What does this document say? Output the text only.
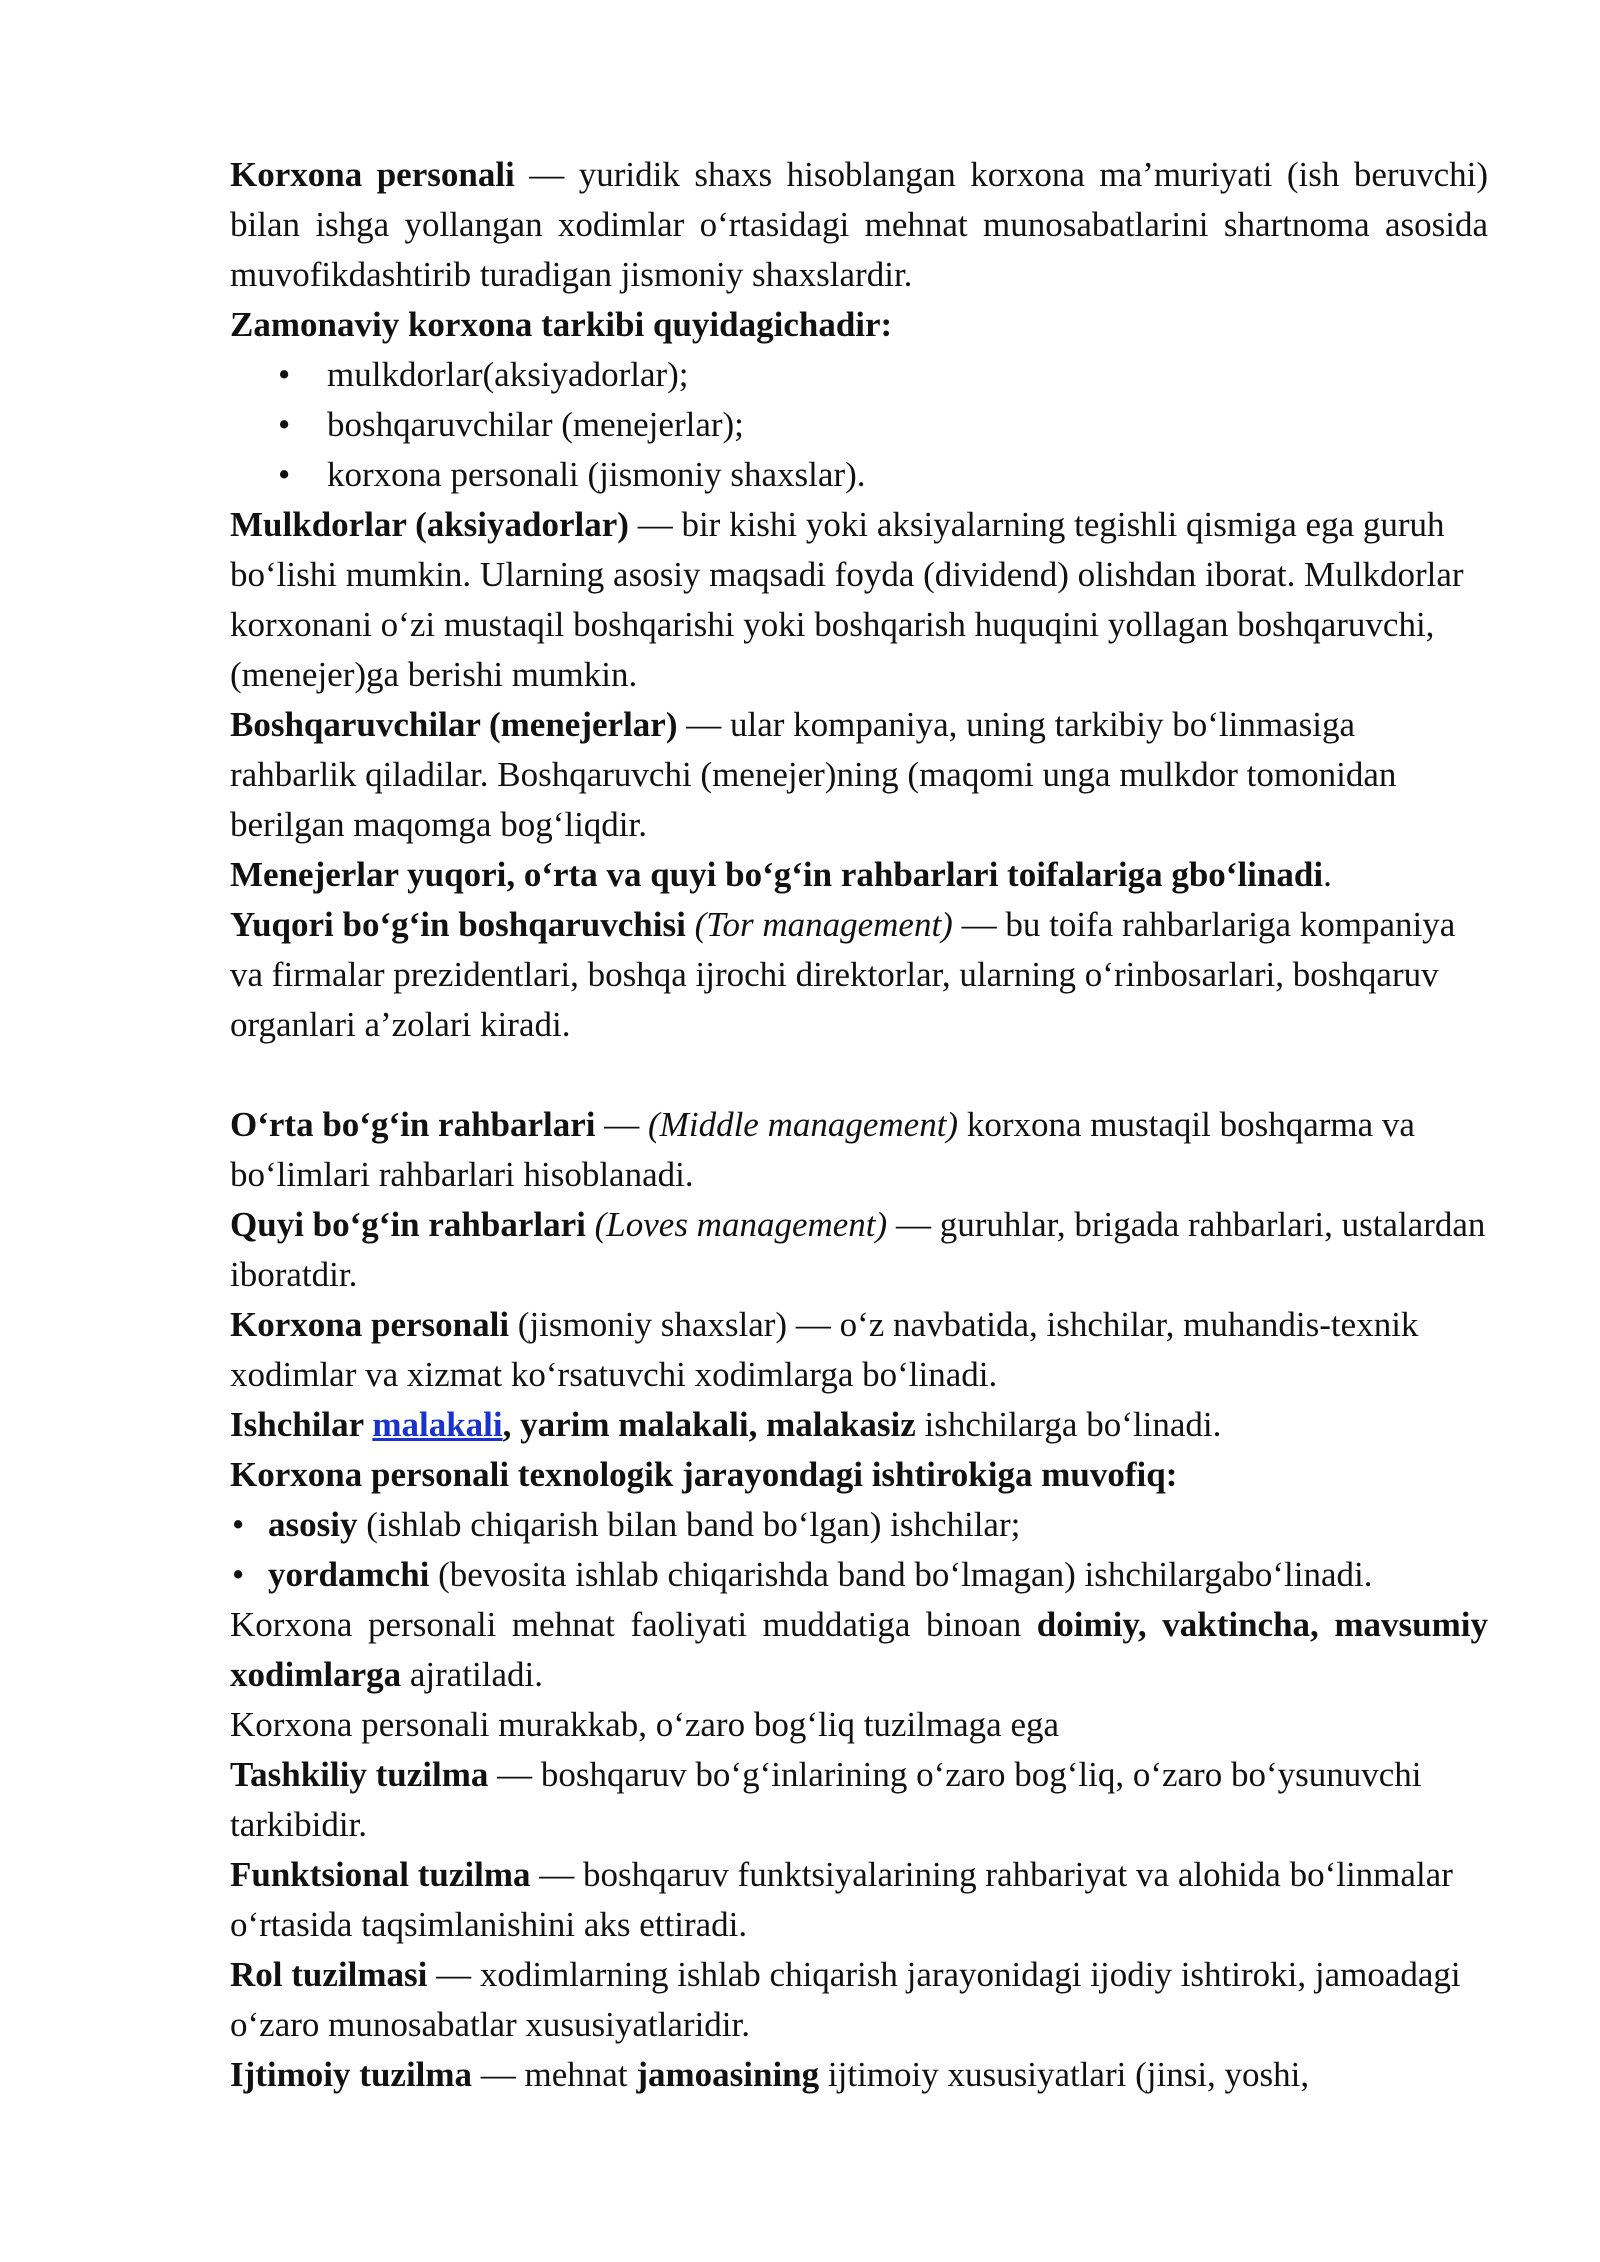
Korxona personali — yuridik shaxs hisoblangan korxona ma’muriyati (ish beruvchi) bilan ishga yollangan xodimlar oʻrtasidagi mehnat munosabatlarini shartnoma asosida muvofikdashtirib turadigan jismoniy shaxslardir.

Zamonaviy korxona tarkibi quyidagichadir:

• mulkdorlar(aksiyadorlar);
• boshqaruvchilar (menejerlar);
• korxona personali (jismoniy shaxslar).

Mulkdorlar (aksiyadorlar) — bir kishi yoki aksiyalarning tegishli qismiga ega guruh boʻlishi mumkin. Ularning asosiy maqsadi foyda (dividend) olishdan iborat. Mulkdorlar korxonani oʻzi mustaqil boshqarishi yoki boshqarish huquqini yollagan boshqaruvchi, (menejer)ga berishi mumkin.

Boshqaruvchilar (menejerlar) — ular kompaniya, uning tarkibiy boʻlinmasiga rahbarlik qiladilar. Boshqaruvchi (menejer)ning (maqomi unga mulkdor tomonidan berilgan maqomga bogʻliqdir.

Menejerlar yuqori, oʻrta va quyi boʻgʻin rahbarlari toifalariga gboʻlinadi.

Yuqori boʻgʻin boshqaruvchisi (Tor management) — bu toifa rahbarlariga kompaniya va firmalar prezidentlari, boshqa ijrochi direktorlar, ularning oʻrinbosarlari, boshqaruv organlari a’zolari kiradi.

Oʻrta boʻgʻin rahbarlari — (Middle management) korxona mustaqil boshqarma va boʻlimlari rahbarlari hisoblanadi.

Quyi boʻgʻin rahbarlari (Loves management) — guruhlar, brigada rahbarlari, ustalardan iboratdir.

Korxona personali (jismoniy shaxslar) — oʻz navbatida, ishchilar, muhandis-texnik xodimlar va xizmat koʻrsatuvchi xodimlarga boʻlinadi.

Ishchilar malakali, yarim malakali, malakasiz ishchilarga boʻlinadi.

Korxona personali texnologik jarayondagi ishtirokiga muvofiq:

• asosiy (ishlab chiqarish bilan band boʻlgan) ishchilar;
• yordamchi (bevosita ishlab chiqarishda band boʻlmagan) ishchilargaboʻlinadi.

Korxona personali mehnat faoliyati muddatiga binoan doimiy, vaktincha, mavsumiy xodimlarga ajratiladi.

Korxona personali murakkab, oʻzaro bogʻliq tuzilmaga ega

Tashkiliy tuzilma — boshqaruv boʻgʻinlarining oʻzaro bogʻliq, oʻzaro boʻysunuvchi tarkibidir.

Funktsional tuzilma — boshqaruv funktsiyalarining rahbariyat va alohida boʻlinmalar oʻrtasida taqsimlanishini aks ettiradi.

Rol tuzilmasi — xodimlarning ishlab chiqarish jarayonidagi ijodiy ishtiroki, jamoadagi oʻzaro munosabatlar xususiyatlaridir.

Ijtimoiy tuzilma — mehnat jamoasining ijtimoiy xususiyatlari (jinsi, yoshi,
